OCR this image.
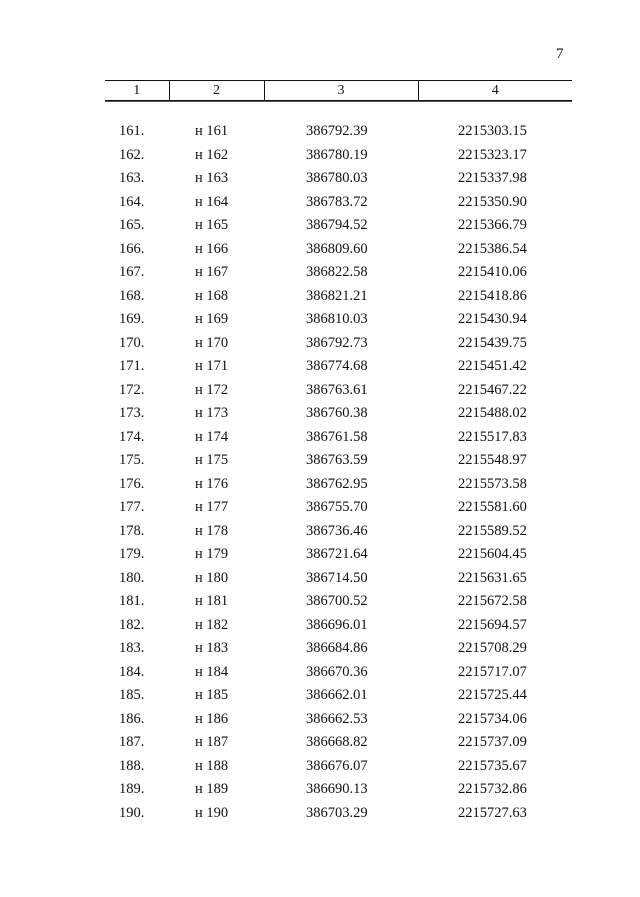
7
1	2	3	4
161.	н 161	386792.39	2215303.15
162.	н 162	386780.19	2215323.17
163.	н 163	386780.03	2215337.98
164.	н 164	386783.72	2215350.90
165.	н 165	386794.52	2215366.79
166.	н 166	386809.60	2215386.54
167.	н 167	386822.58	2215410.06
168.	н 168	386821.21	2215418.86
169.	н 169	386810.03	2215430.94
170.	н 170	386792.73	2215439.75
171.	н 171	386774.68	2215451.42
172.	н 172	386763.61	2215467.22
173.	н 173	386760.38	2215488.02
174.	н 174	386761.58	2215517.83
175.	н 175	386763.59	2215548.97
176.	н 176	386762.95	2215573.58
177.	н 177	386755.70	2215581.60
178.	н 178	386736.46	2215589.52
179.	н 179	386721.64	2215604.45
180.	н 180	386714.50	2215631.65
181.	н 181	386700.52	2215672.58
182.	н 182	386696.01	2215694.57
183.	н 183	386684.86	2215708.29
184.	н 184	386670.36	2215717.07
185.	н 185	386662.01	2215725.44
186.	н 186	386662.53	2215734.06
187.	н 187	386668.82	2215737.09
188.	н 188	386676.07	2215735.67
189.	н 189	386690.13	2215732.86
190.	н 190	386703.29	2215727.63
